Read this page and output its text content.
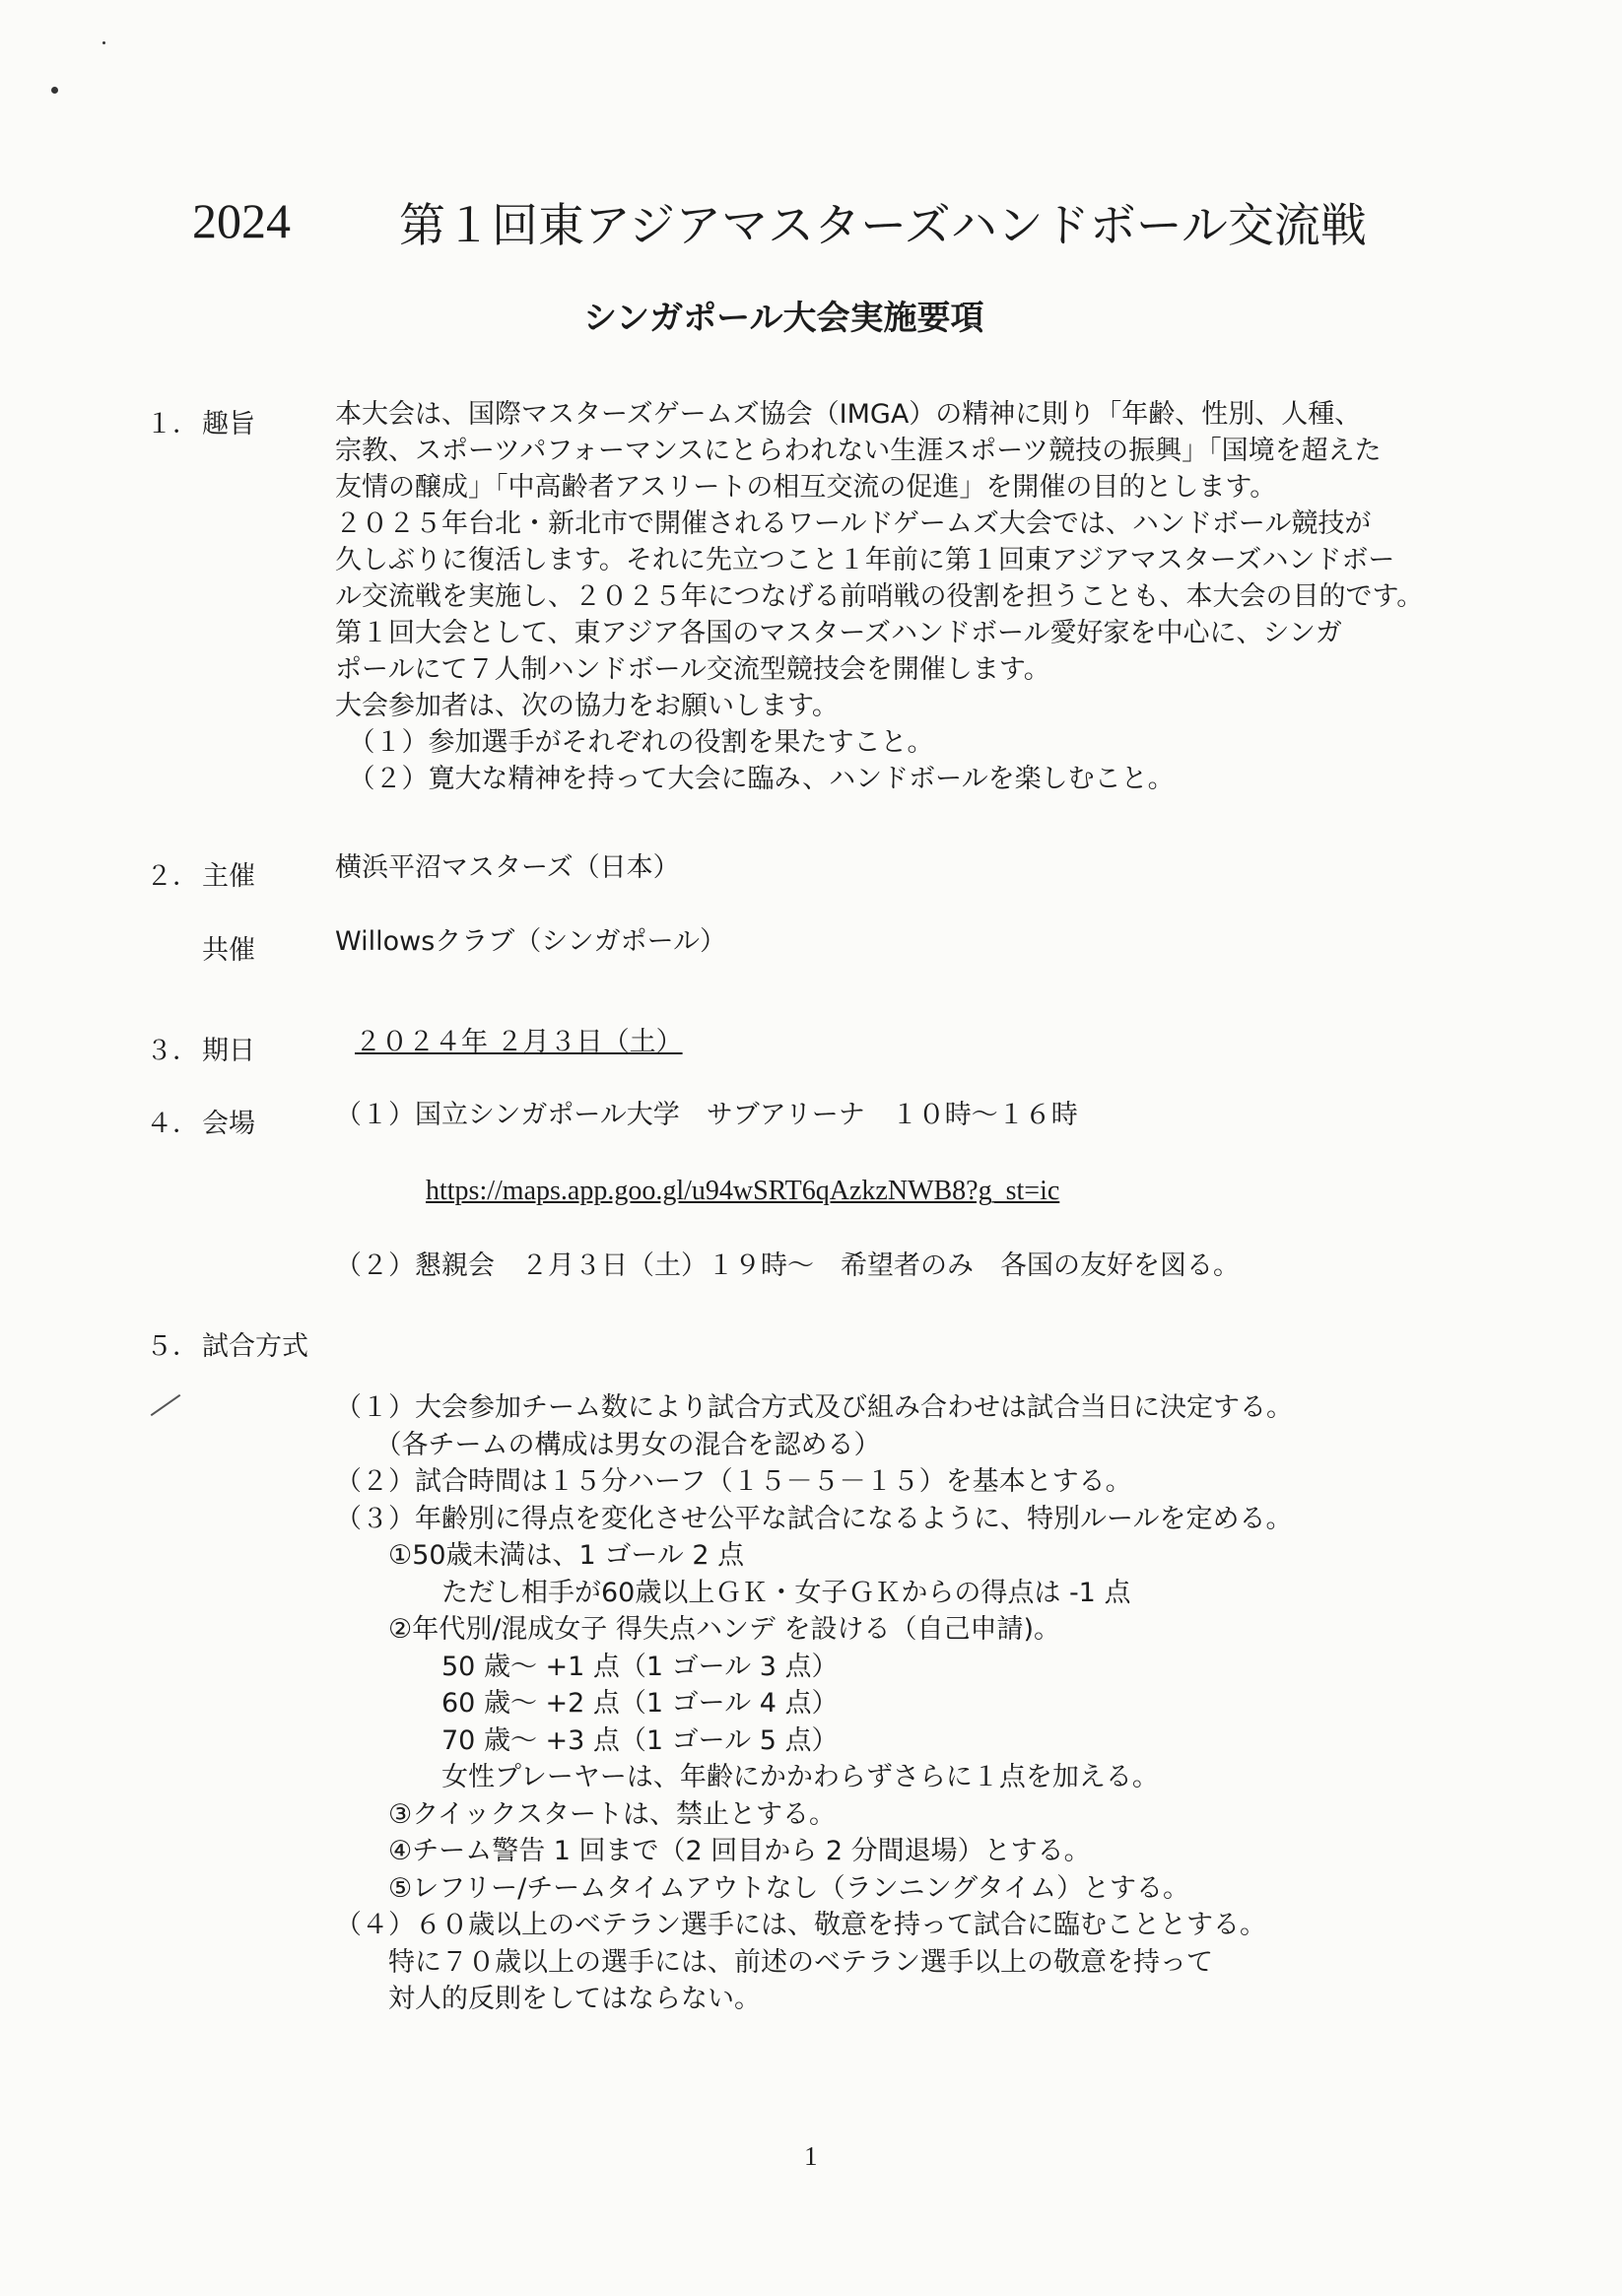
2024 第１回東アジアマスターズハンドボール交流戦
シンガポール大会実施要項
１． 趣旨	本大会は、国際マスターズゲームズ協会（IMGA）の精神に則り「年齢、性別、人種、
宗教、スポーツパフォーマンスにとらわれない生涯スポーツ競技の振興」「国境を超えた
友情の醸成」「中高齢者アスリートの相互交流の促進」を開催の目的とします。
２０２５年台北・新北市で開催されるワールドゲームズ大会では、ハンドボール競技が
久しぶりに復活します。それに先立つこと１年前に第１回東アジアマスターズハンドボー
ル交流戦を実施し、２０２５年につなげる前哨戦の役割を担うことも、本大会の目的です。
第１回大会として、東アジア各国のマスターズハンドボール愛好家を中心に、シンガ
ポールにて７人制ハンドボール交流型競技会を開催します。
大会参加者は、次の協力をお願いします。
　（１）参加選手がそれぞれの役割を果たすこと。
　（２）寛大な精神を持って大会に臨み、ハンドボールを楽しむこと。
２． 主催	横浜平沼マスターズ（日本）
共催	Willowsクラブ（シンガポール）
３． 期日	２０２４年 ２月３日（土）
４． 会場	（１）国立シンガポール大学　サブアリーナ　１０時～１６時
https://maps.app.goo.gl/u94wSRT6qAzkzNWB8?g_st=ic
（２）懇親会　２月３日（土）１９時～　希望者のみ　各国の友好を図る。
５． 試合方式
（１）大会参加チーム数により試合方式及び組み合わせは試合当日に決定する。
　　（各チームの構成は男女の混合を認める）
（２）試合時間は１５分ハーフ（１５－５－１５）を基本とする。
（３）年齢別に得点を変化させ公平な試合になるように、特別ルールを定める。
　　①50歳未満は、1 ゴール 2 点
　　　　ただし相手が60歳以上ＧＫ・女子ＧＫからの得点は -1 点
　　②年代別/混成女子 得失点ハンデ を設ける（自己申請)。
　　　　50 歳～ +1 点（1 ゴール 3 点）
　　　　60 歳～ +2 点（1 ゴール 4 点）
　　　　70 歳～ +3 点（1 ゴール 5 点）
　　　　女性プレーヤーは、年齢にかかわらずさらに１点を加える。
　　③クイックスタートは、禁止とする。
　　④チーム警告 1 回まで（2 回目から 2 分間退場）とする。
　　⑤レフリー/チームタイムアウトなし（ランニングタイム）とする。
（４）６０歳以上のベテラン選手には、敬意を持って試合に臨むこととする。
　　特に７０歳以上の選手には、前述のベテラン選手以上の敬意を持って
　　対人的反則をしてはならない。
1
